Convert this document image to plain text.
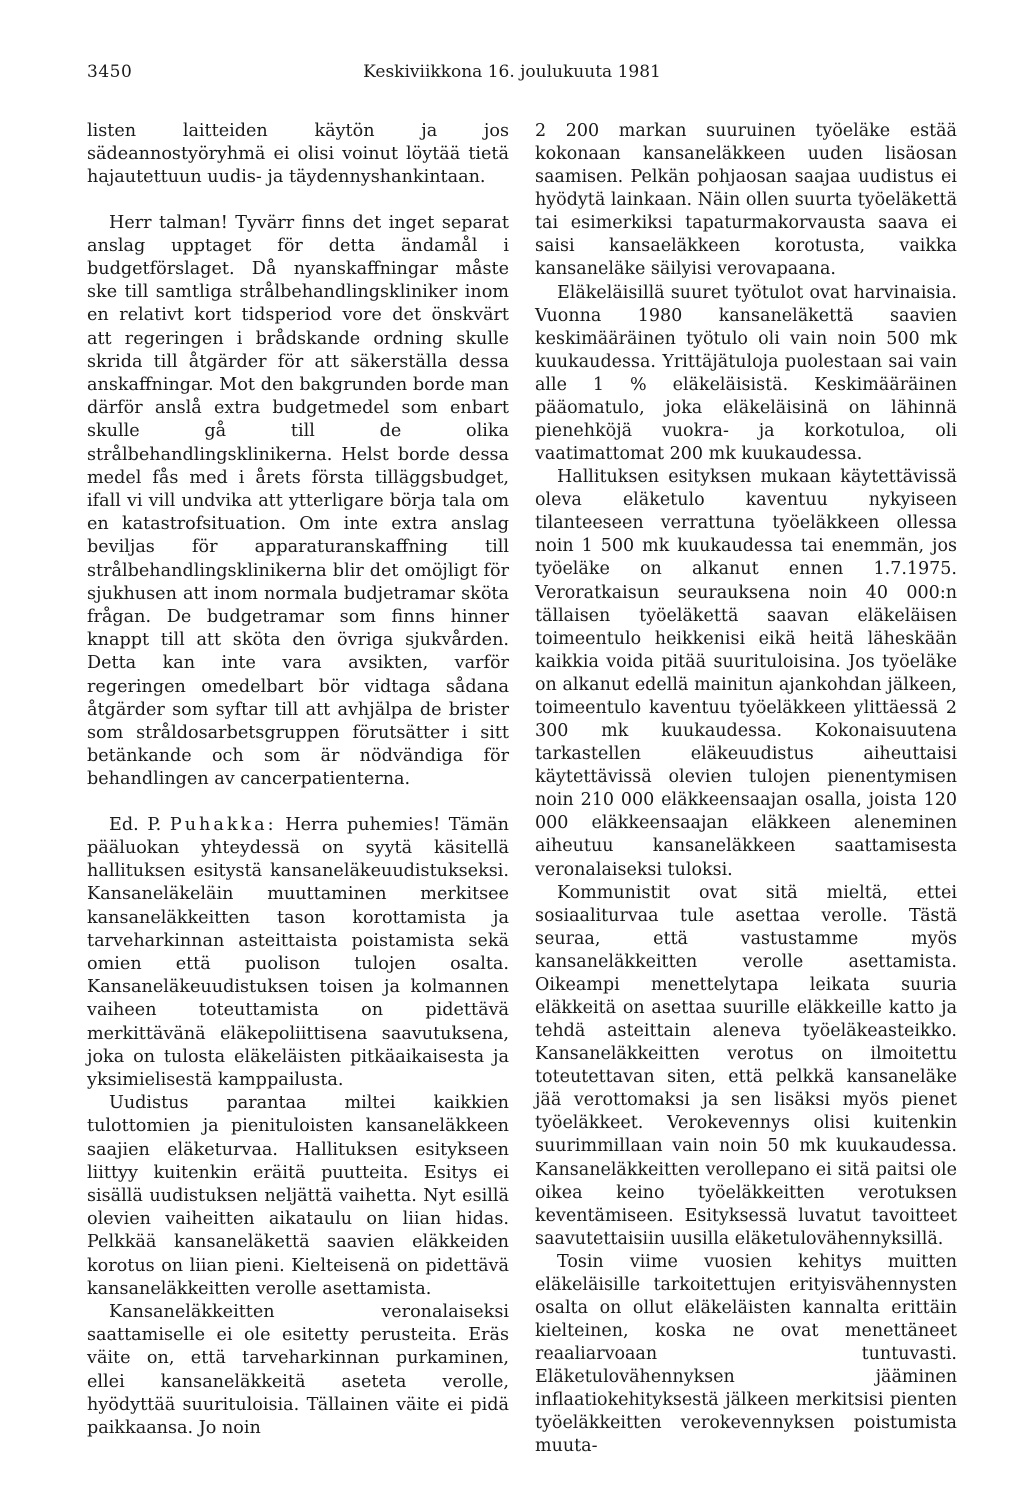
3450	Keskiviikkona 16. joulukuuta 1981

listen laitteiden käytön ja jos sädeannostyöryhmä ei olisi voinut löytää tietä hajautettuun uudis- ja täydennyshankintaan.

Herr talman! Tyvärr finns det inget separat anslag upptaget för detta ändamål i budgetförslaget. Då nyanskaffningar måste ske till samtliga strålbehandlingskliniker inom en relativt kort tidsperiod vore det önskvärt att regeringen i brådskande ordning skulle skrida till åtgärder för att säkerställa dessa anskaffningar. Mot den bakgrunden borde man därför anslå extra budgetmedel som enbart skulle gå till de olika strålbehandlingsklinikerna. Helst borde dessa medel fås med i årets första tilläggsbudget, ifall vi vill undvika att ytterligare börja tala om en katastrofsituation. Om inte extra anslag beviljas för apparaturanskaffning till strålbehandlingsklinikerna blir det omöjligt för sjukhusen att inom normala budjetramar sköta frågan. De budgetramar som finns hinner knappt till att sköta den övriga sjukvården. Detta kan inte vara avsikten, varför regeringen omedelbart bör vidtaga sådana åtgärder som syftar till att avhjälpa de brister som stråldosarbetsgruppen förutsätter i sitt betänkande och som är nödvändiga för behandlingen av cancerpatienterna.

Ed. P. Puhakka: Herra puhemies! Tämän pääluokan yhteydessä on syytä käsitellä hallituksen esitystä kansaneläkeuudistukseksi. Kansaneläkeläin muuttaminen merkitsee kansaneläkkeitten tason korottamista ja tarveharkinnan asteittaista poistamista sekä omien että puolison tulojen osalta. Kansaneläkeuudistuksen toisen ja kolmannen vaiheen toteuttamista on pidettävä merkittävänä eläkepoliittisena saavutuksena, joka on tulosta eläkeläisten pitkäaikaisesta ja yksimielisestä kamppailusta.

Uudistus parantaa miltei kaikkien tulottomien ja pienituloisten kansaneläkkeen saajien eläketurvaa. Hallituksen esitykseen liittyy kuitenkin eräitä puutteita. Esitys ei sisällä uudistuksen neljättä vaihetta. Nyt esillä olevien vaiheitten aikataulu on liian hidas. Pelkkää kansaneläkettä saavien eläkkeiden korotus on liian pieni. Kielteisenä on pidettävä kansaneläkkeitten verolle asettamista.

Kansaneläkkeitten veronalaiseksi saattamiselle ei ole esitetty perusteita. Eräs väite on, että tarveharkinnan purkaminen, ellei kansaneläkkeitä aseteta verolle, hyödyttää suurituloisia. Tällainen väite ei pidä paikkaansa. Jo noin

2 200 markan suuruinen työeläke estää kokonaan kansaneläkkeen uuden lisäosan saamisen. Pelkän pohjaosan saajaa uudistus ei hyödytä lainkaan. Näin ollen suurta työeläkettä tai esimerkiksi tapaturmakorvausta saava ei saisi kansaeläkkeen korotusta, vaikka kansaneläke säilyisi verovapaana.

Eläkeläisillä suuret työtulot ovat harvinaisia. Vuonna 1980 kansaneläkettä saavien keskimääräinen työtulo oli vain noin 500 mk kuukaudessa. Yrittäjätuloja puolestaan sai vain alle 1 % eläkeläisistä. Keskimääräinen pääomatulo, joka eläkeläisinä on lähinnä pienehköjä vuokra- ja korkotuloa, oli vaatimattomat 200 mk kuukaudessa.

Hallituksen esityksen mukaan käytettävissä oleva eläketulo kaventuu nykyiseen tilanteeseen verrattuna työeläkkeen ollessa noin 1 500 mk kuukaudessa tai enemmän, jos työeläke on alkanut ennen 1.7.1975. Veroratkaisun seurauksena noin 40 000:n tällaisen työeläkettä saavan eläkeläisen toimeentulo heikkenisi eikä heitä läheskään kaikkia voida pitää suurituloisina. Jos työeläke on alkanut edellä mainitun ajankohdan jälkeen, toimeentulo kaventuu työeläkkeen ylittäessä 2 300 mk kuukaudessa. Kokonaisuutena tarkastellen eläkeuudistus aiheuttaisi käytettävissä olevien tulojen pienentymisen noin 210 000 eläkkeensaajan osalla, joista 120 000 eläkkeensaajan eläkkeen aleneminen aiheutuu kansaneläkkeen saattamisesta veronalaiseksi tuloksi.

Kommunistit ovat sitä mieltä, ettei sosiaaliturvaa tule asettaa verolle. Tästä seuraa, että vastustamme myös kansaneläkkeitten verolle asettamista. Oikeampi menettelytapa leikata suuria eläkkeitä on asettaa suurille eläkkeille katto ja tehdä asteittain aleneva työeläkeasteikko. Kansaneläkkeitten verotus on ilmoitettu toteutettavan siten, että pelkkä kansaneläke jää verottomaksi ja sen lisäksi myös pienet työeläkkeet. Verokevennys olisi kuitenkin suurimmillaan vain noin 50 mk kuukaudessa. Kansaneläkkeitten verollepano ei sitä paitsi ole oikea keino työeläkkeitten verotuksen keventämiseen. Esityksessä luvatut tavoitteet saavutettaisiin uusilla eläketulovähennyksillä.

Tosin viime vuosien kehitys muitten eläkeläisille tarkoitettujen erityisvähennysten osalta on ollut eläkeläisten kannalta erittäin kielteinen, koska ne ovat menettäneet reaaliarvoaan tuntuvasti. Eläketulovähennyksen jääminen inflaatiokehityksestä jälkeen merkitsisi pienten työeläkkeitten verokevennyksen poistumista muuta-
